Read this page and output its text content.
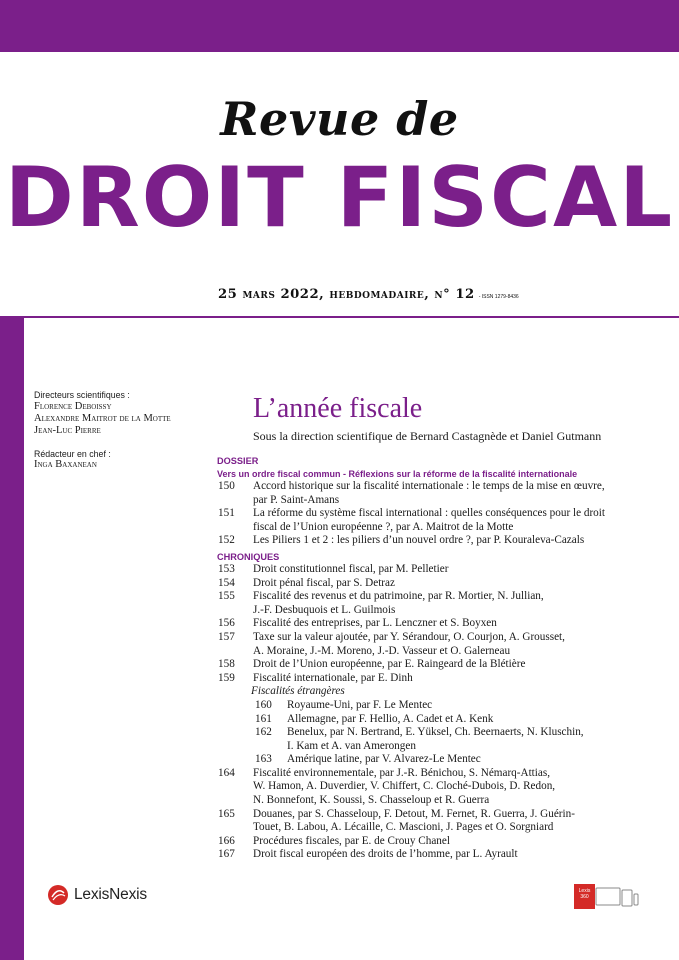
Revue de
DROIT FISCAL
25 mars 2022, hebdomadaire, n° 12 - ISSN 1279-8436
Directeurs scientifiques :
Florence Deboissy
Alexandre Maitrot de la Motte
Jean-Luc Pierre
Rédacteur en chef :
Inga Baxanean
L’année fiscale
Sous la direction scientifique de Bernard Castagnède et Daniel Gutmann
DOSSIER
Vers un ordre fiscal commun - Réflexions sur la réforme de la fiscalité internationale
150	Accord historique sur la fiscalité internationale : le temps de la mise en œuvre,
par P. Saint-Amans
151	La réforme du système fiscal international : quelles conséquences pour le droit
fiscal de l’Union européenne ?, par A. Maitrot de la Motte
152	Les Piliers 1 et 2 : les piliers d’un nouvel ordre ?, par P. Kouraleva-Cazals
CHRONIQUES
153	Droit constitutionnel fiscal, par M. Pelletier
154	Droit pénal fiscal, par S. Detraz
155	Fiscalité des revenus et du patrimoine, par R. Mortier, N. Jullian,
J.-F. Desbuquois et L. Guilmois
156	Fiscalité des entreprises, par L. Lenczner et S. Boyxen
157	Taxe sur la valeur ajoutée, par Y. Sérandour, O. Courjon, A. Grousset,
A. Moraine, J.-M. Moreno, J.-D. Vasseur et O. Galerneau
158	Droit de l’Union européenne, par E. Raingeard de la Blétière
159	Fiscalité internationale, par E. Dinh
Fiscalités étrangères
160	Royaume-Uni, par F. Le Mentec
161	Allemagne, par F. Hellio, A. Cadet et A. Kenk
162	Benelux, par N. Bertrand, E. Yüksel, Ch. Beernaerts, N. Kluschin,
I. Kam et A. van Amerongen
163	Amérique latine, par V. Alvarez-Le Mentec
164	Fiscalité environnementale, par J.-R. Bénichou, S. Némarq-Attias,
W. Hamon, A. Duverdier, V. Chiffert, C. Cloché-Dubois, D. Redon,
N. Bonnefont, K. Soussi, S. Chasseloup et R. Guerra
165	Douanes, par S. Chasseloup, F. Detout, M. Fernet, R. Guerra, J. Guérin-
Touet, B. Labou, A. Lécaille, C. Mascioni, J. Pages et O. Sorgniard
166	Procédures fiscales, par E. de Crouy Chanel
167	Droit fiscal européen des droits de l’homme, par L. Ayrault
LexisNexis	Lexis
360
